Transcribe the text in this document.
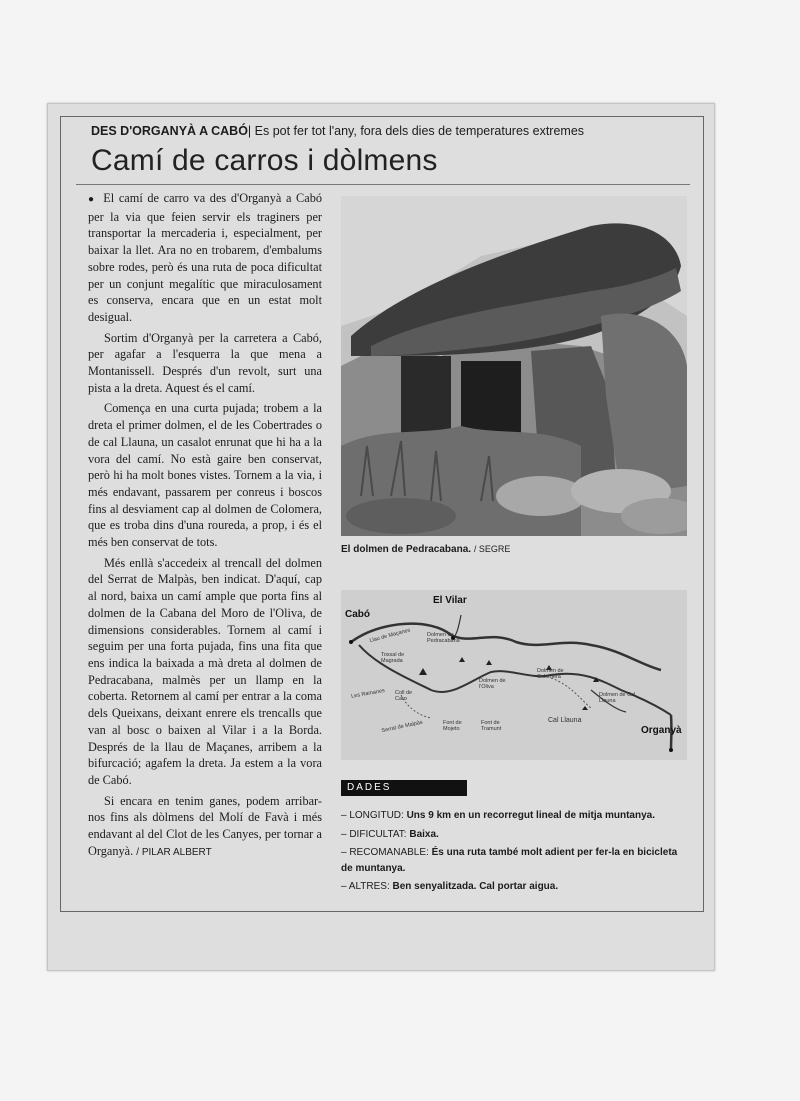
DES D'ORGANYÀ A CABÓ| Es pot fer tot l'any, fora dels dies de temperatures extremes
Camí de carros i dòlmens

● El camí de carro va des d'Organyà a Cabó per la via que feien servir els traginers per transportar la mercaderia i, especialment, per baixar la llet. Ara no en trobarem, d'embalums sobre rodes, però és una ruta de poca dificultat per un conjunt megalític que miraculosament es conserva, encara que en un estat molt desigual.

Sortim d'Organyà per la carretera a Cabó, per agafar a l'esquerra la que mena a Montanissell. Després d'un revolt, surt una pista a la dreta. Aquest és el camí.

Comença en una curta pujada; trobem a la dreta el primer dolmen, el de les Cobertrades o de cal Llauna, un casalot enrunat que hi ha a la vora del camí. No està gaire ben conservat, però hi ha molt bones vistes. Tornem a la via, i més endavant, passarem per conreus i boscos fins al desviament cap al dolmen de Colomera, que es troba dins d'una roureda, a prop, i és el més ben conservat de tots.

Més enllà s'accedeix al trencall del dolmen del Serrat de Malpàs, ben indicat. D'aquí, cap al nord, baixa un camí ample que porta fins al dolmen de la Cabana del Moro de l'Oliva, de dimensions considerables. Tornem al camí i seguim per una forta pujada, fins una fita que ens indica la baixada a mà dreta al dolmen de Pedracabana, malmès per un llamp en la coberta. Retornem al camí per entrar a la coma dels Queixans, deixant enrere els trencalls que van al bosc o baixen al Vilar i a la Borda. Després de la llau de Maçanes, arribem a la bifurcació; agafem la dreta. Ja estem a la vora de Cabó.

Si encara en tenim ganes, podem arribar-nos fins als dòlmens del Molí de Favà i més endavant al del Clot de les Canyes, per tornar a Organyà. / PILAR ALBERT

El dolmen de Pedracabana. / SEGRE
Cabó
El Vilar
Organyà
Cal Llauna
Tossal de Magrada
Dolmen de Pedracabana
Dolmen de l'Oliva
Dolmen de Colomera
Dolmen de Cal Llauna
Font de Mojeto
Font de Tramunt
Coll de Caro
Llau de Maçanes
Serrat de Malpàs
Les Ramanes
DADES
– LONGITUD: Uns 9 km en un recorregut lineal de mitja muntanya.
– DIFICULTAT: Baixa.
– RECOMANABLE: És una ruta també molt adient per fer-la en bicicleta de muntanya.
– ALTRES: Ben senyalitzada. Cal portar aigua.
